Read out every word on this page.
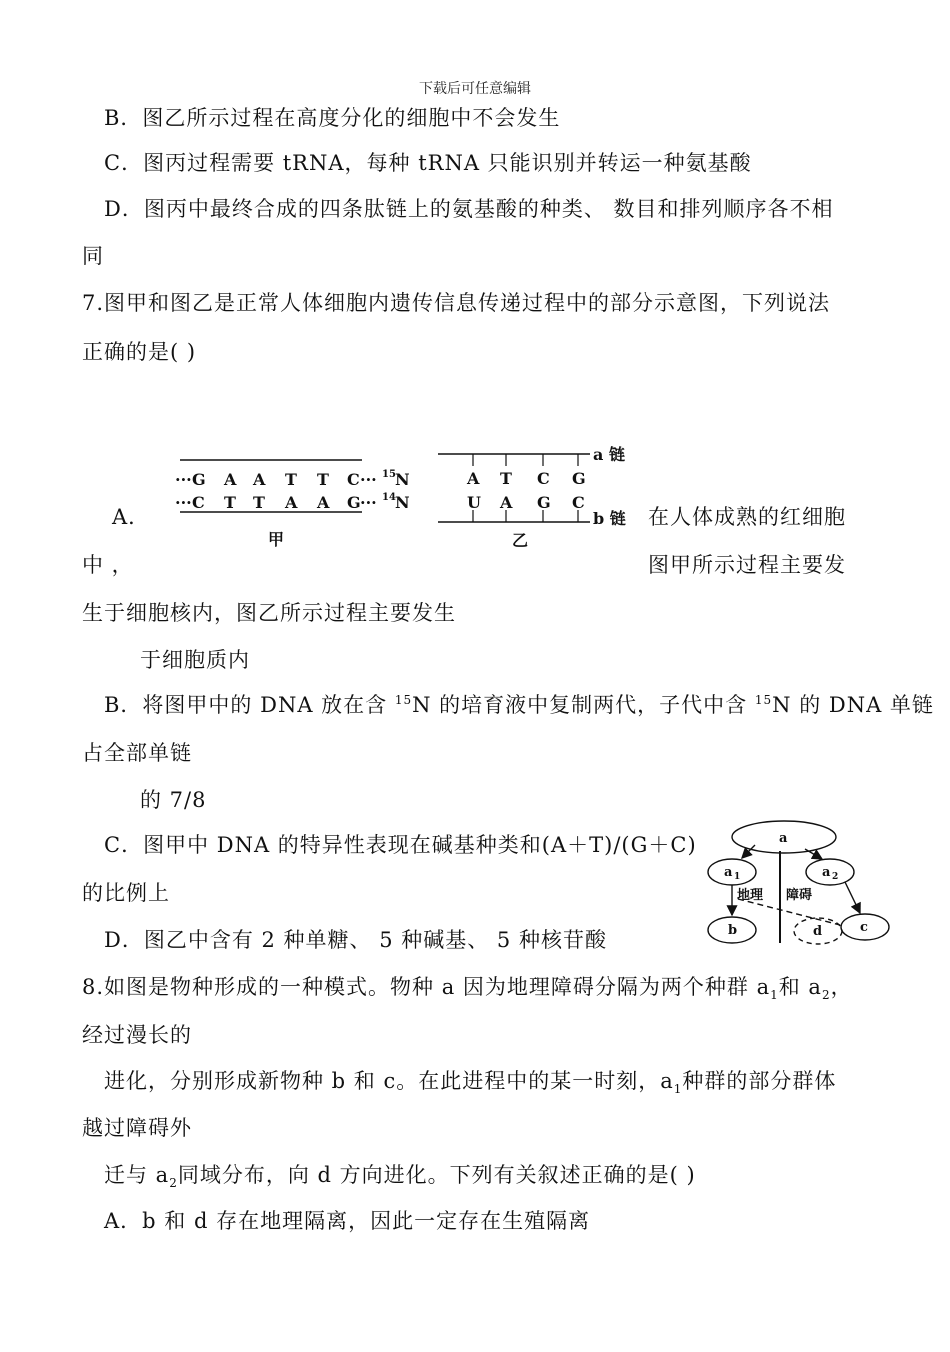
下载后可任意编辑
B．图乙所示过程在高度分化的细胞中不会发生
C．图丙过程需要 tRNA，每种 tRNA 只能识别并转运一种氨基酸
D．图丙中最终合成的四条肽链上的氨基酸的种类、 数目和排列顺序各不相
同
7.图甲和图乙是正常人体细胞内遗传信息传递过程中的部分示意图，下列说法
正确的是( )
··· G A A T T C ··· 15 N
··· C T T A A G ··· 14 N
甲
A T C G
U A G C
a 链
b 链
乙
A．	在人体成熟的红细胞
中 ，	图甲所示过程主要发
生于细胞核内，图乙所示过程主要发生
于细胞质内
B．将图甲中的 DNA 放在含 $^{15}$N 的培育液中复制两代，子代中含 $^{15}$N 的 DNA 单链
占全部单链
的 7/8
C．图甲中 DNA 的特异性表现在碱基种类和(A＋T)/(G＋C)
的比例上
D．图乙中含有 2 种单糖、 5 种碱基、 5 种核苷酸
a
a 1	a 2
b	d	c
地理 障碍
8.如图是物种形成的一种模式。物种 a 因为地理障碍分隔为两个种群 $a_1$和 $a_2$，
经过漫长的
进化，分别形成新物种 b 和 c。在此进程中的某一时刻，$a_1$种群的部分群体
越过障碍外
迁与 $a_2$同域分布，向 d 方向进化。下列有关叙述正确的是( )
A．b 和 d 存在地理隔离，因此一定存在生殖隔离
